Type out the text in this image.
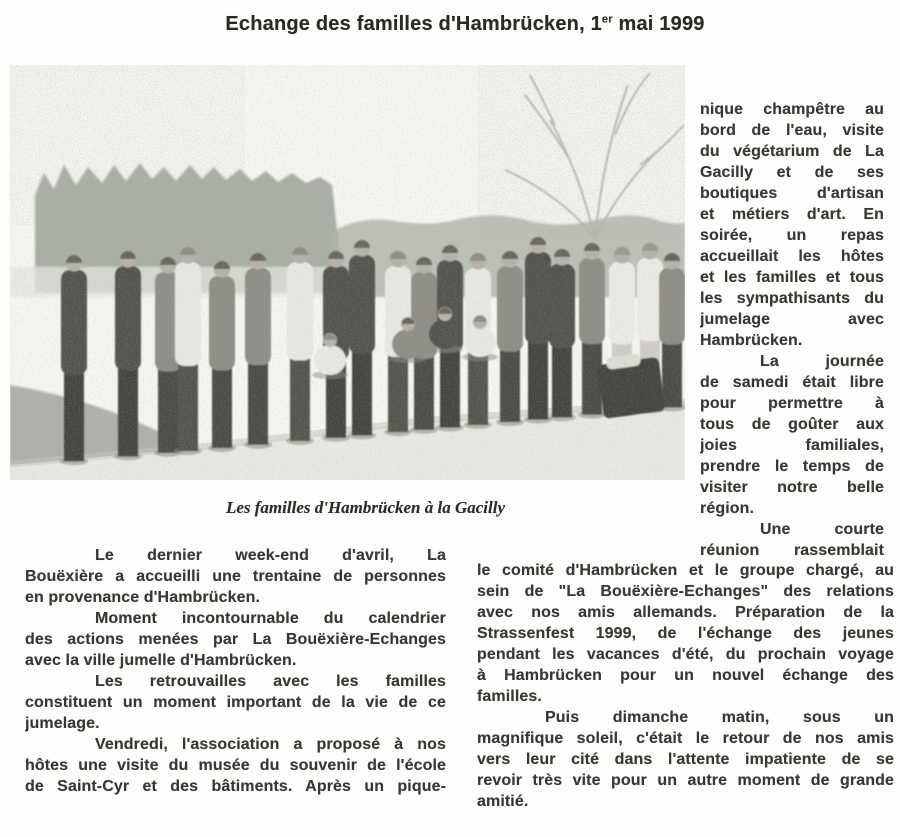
Echange des familles d'Hambrücken, 1er mai 1999
Les familles d'Hambrücken à la Gacilly
nique champêtre au
bord de l'eau, visite
du végétarium de La
Gacilly et de ses
boutiques d'artisan
et métiers d'art. En
soirée, un repas
accueillait les hôtes
et les familles et tous
les sympathisants du
jumelage avec
Hambrücken.
La journée
de samedi était libre
pour permettre à
tous de goûter aux
joies familiales,
prendre le temps de
visiter notre belle
région.
Une courte
réunion rassemblait
Le dernier week-end d'avril, La
Bouëxière a accueilli une trentaine de personnes
en provenance d'Hambrücken.
Moment incontournable du calendrier
des actions menées par La Bouëxière-Echanges
avec la ville jumelle d'Hambrücken.
Les retrouvailles avec les familles
constituent un moment important de la vie de ce
jumelage.
Vendredi, l'association a proposé à nos
hôtes une visite du musée du souvenir de l'école
de Saint-Cyr et des bâtiments. Après un pique-
le comité d'Hambrücken et le groupe chargé, au
sein de "La Bouëxière-Echanges" des relations
avec nos amis allemands. Préparation de la
Strassenfest 1999, de l'échange des jeunes
pendant les vacances d'été, du prochain voyage
à Hambrücken pour un nouvel échange des
familles.
Puis dimanche matin, sous un
magnifique soleil, c'était le retour de nos amis
vers leur cité dans l'attente impatiente de se
revoir très vite pour un autre moment de grande
amitié.
